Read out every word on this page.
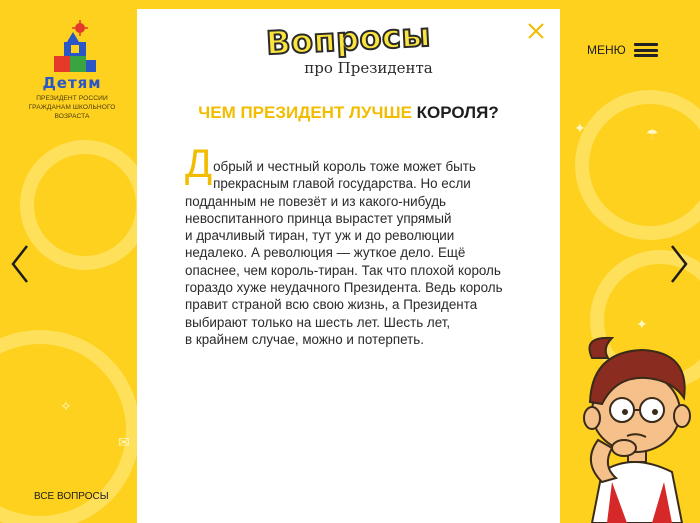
✦	☂
✦
✉
✧
Детям
ПРЕЗИДЕНТ РОССИИ
ГРАЖДАНАМ ШКОЛЬНОГО
ВОЗРАСТА
МЕНЮ
ВСЕ ВОПРОСЫ
Вопросы
про Президента
ЧЕМ ПРЕЗИДЕНТ ЛУЧШЕ КОРОЛЯ?
Д обрый и честный король тоже может быть
прекрасным главой государства. Но если
подданным не повезёт и из какого-нибудь
невоспитанного принца вырастет упрямый
и драчливый тиран, тут уж и до революции
недалеко. А революция — жуткое дело. Ещё
опаснее, чем король-тиран. Так что плохой король
гораздо хуже неудачного Президента. Ведь король
правит страной всю свою жизнь, а Президента
выбирают только на шесть лет. Шесть лет,
в крайнем случае, можно и потерпеть.
